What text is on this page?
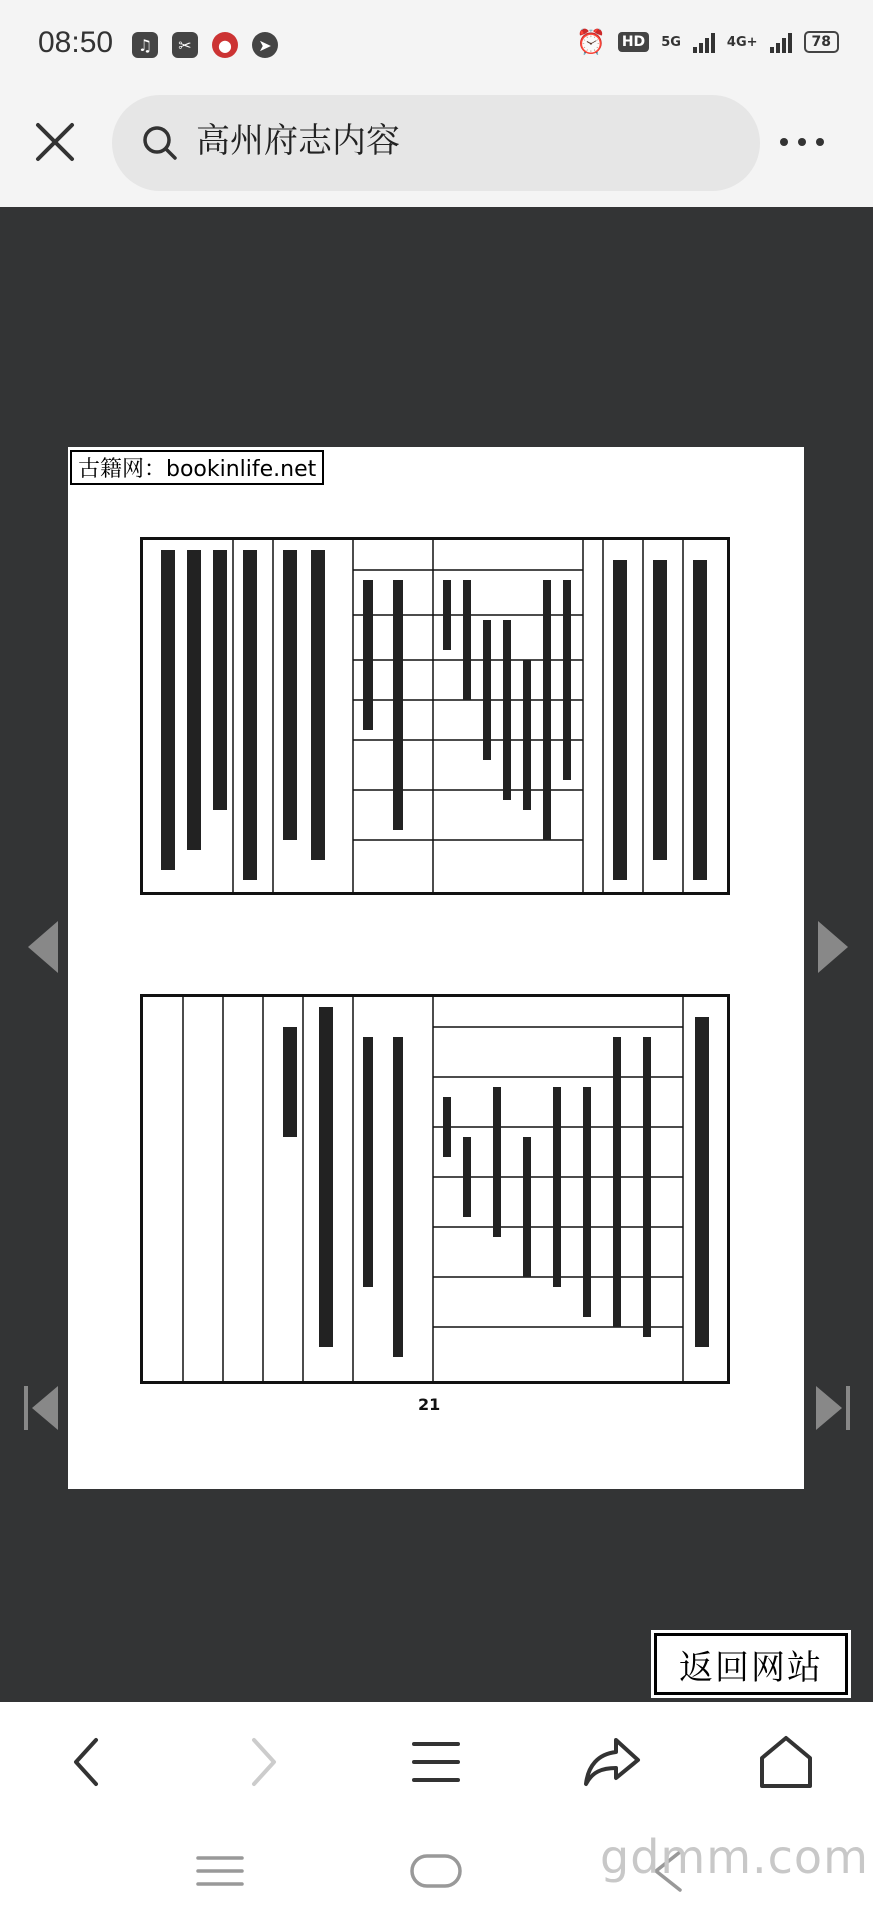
08:50	♫	✂	●	➤	⏰ HD	5G	4G+	78
高州府志内容
古籍网：bookinlife.net
21
返回网站
gdmm.com
